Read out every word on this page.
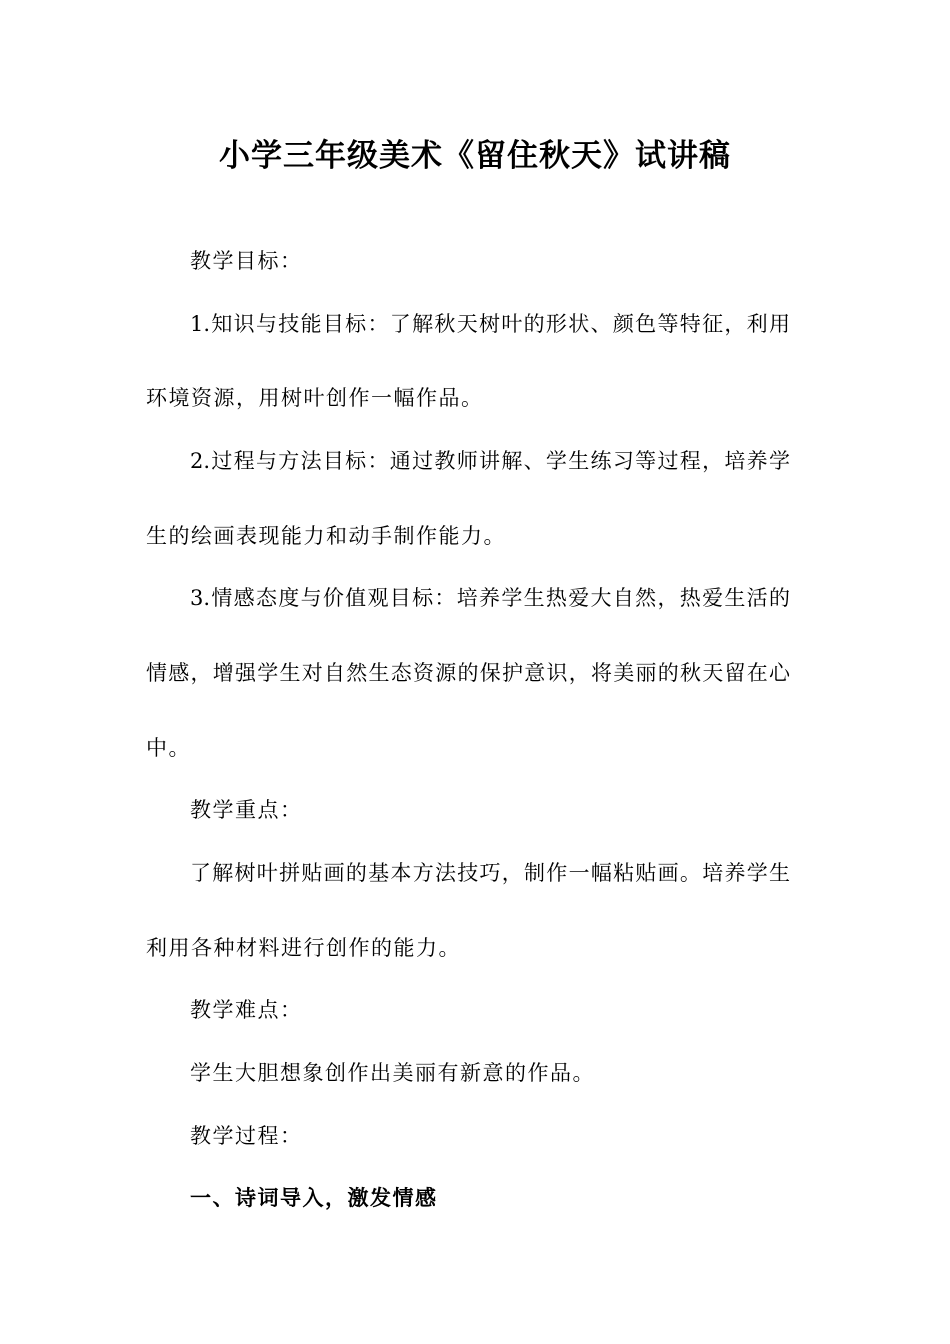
小学三年级美术《留住秋天》试讲稿
教学目标：
1.知识与技能目标：了解秋天树叶的形状、颜色等特征，利用
环境资源，用树叶创作一幅作品。
2.过程与方法目标：通过教师讲解、学生练习等过程，培养学
生的绘画表现能力和动手制作能力。
3.情感态度与价值观目标：培养学生热爱大自然，热爱生活的
情感，增强学生对自然生态资源的保护意识，将美丽的秋天留在心
中。
教学重点：
了解树叶拼贴画的基本方法技巧，制作一幅粘贴画。培养学生
利用各种材料进行创作的能力。
教学难点：
学生大胆想象创作出美丽有新意的作品。
教学过程：
一、诗词导入，激发情感
